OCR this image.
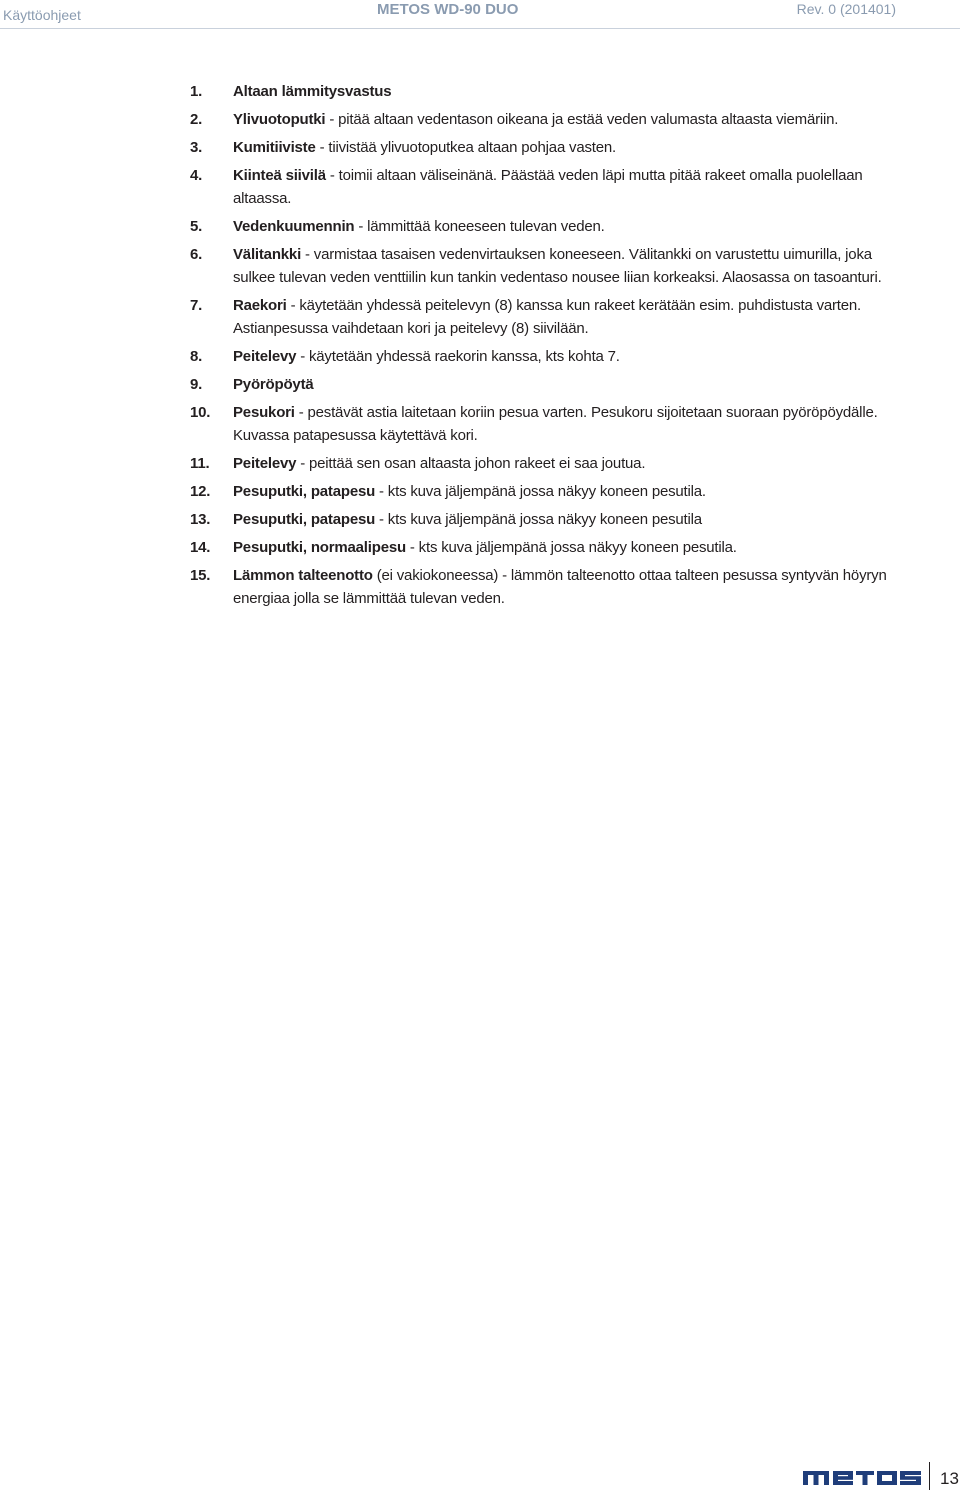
Käyttöohjeet	METOS WD-90 DUO	Rev. 0 (201401)
1. Altaan lämmitysvastus
2. Ylivuotoputki - pitää altaan vedentason oikeana ja estää veden valumasta altaasta viemäriin.
3. Kumitiiviste - tiivistää ylivuotoputkea altaan pohjaa vasten.
4. Kiinteä siivilä - toimii altaan väliseinänä. Päästää veden läpi mutta pitää rakeet omalla puolellaan altaassa.
5. Vedenkuumennin - lämmittää koneeseen tulevan veden.
6. Välitankki - varmistaa tasaisen vedenvirtauksen koneeseen. Välitankki on varustettu uimurilla, joka sulkee tulevan veden venttiilin kun tankin vedentaso nousee liian korkeaksi. Alaosassa on tasoanturi.
7. Raekori - käytetään yhdessä peitelevyn (8) kanssa kun rakeet kerätään esim. puhdistusta varten. Astianpesussa vaihdetaan kori ja peitelevy (8) siivilään.
8. Peitelevy - käytetään yhdessä raekorin kanssa, kts kohta 7.
9. Pyöröpöytä
10. Pesukori - pestävät astia laitetaan koriin pesua varten. Pesukoru sijoitetaan suoraan pyöröpöydälle. Kuvassa patapesussa käytettävä kori.
11. Peitelevy - peittää sen osan altaasta johon rakeet ei saa joutua.
12. Pesuputki, patapesu - kts kuva jäljempänä jossa näkyy koneen pesutila.
13. Pesuputki, patapesu - kts kuva jäljempänä jossa näkyy koneen pesutila
14. Pesuputki, normaalipesu - kts kuva jäljempänä jossa näkyy koneen pesutila.
15. Lämmon talteenotto (ei vakiokoneessa) - lämmön talteenotto ottaa talteen pesussa syntyvän höyryn energiaa jolla se lämmittää tulevan veden.
13
